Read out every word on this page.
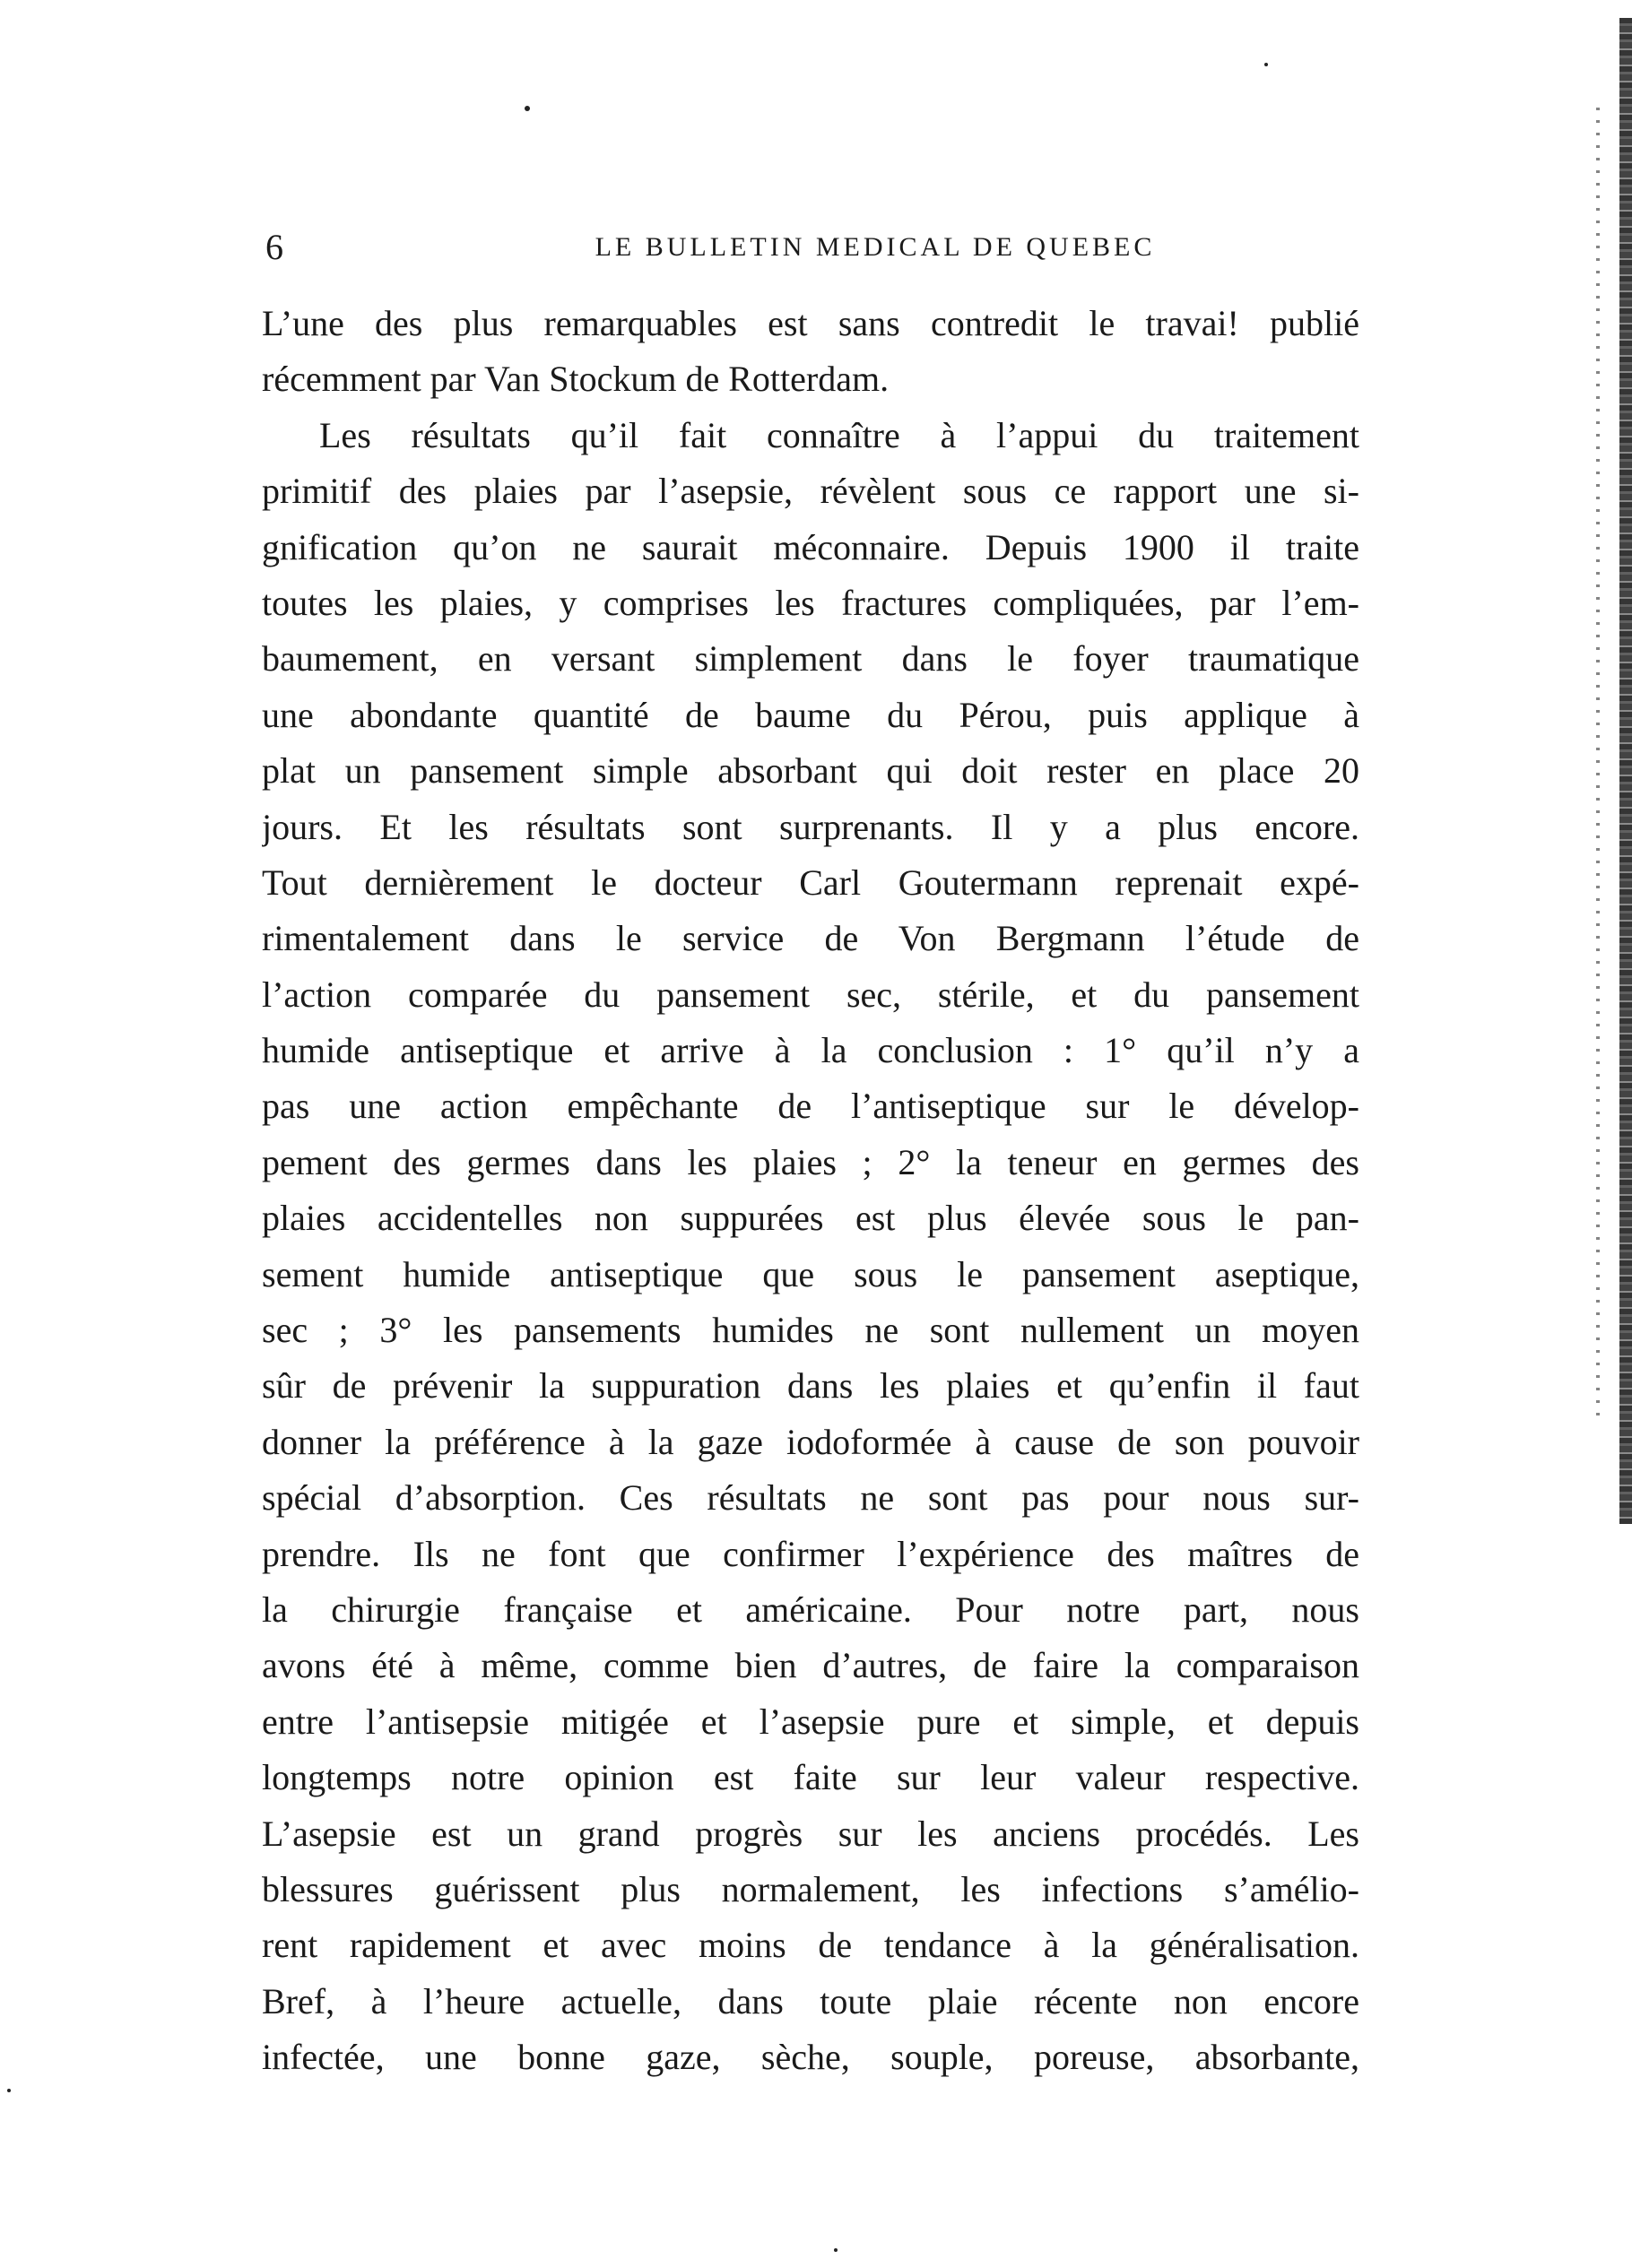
6	LE BULLETIN MEDICAL DE QUEBEC
L’une des plus remarquables est sans contredit le travai! publié
récemment par Van Stockum de Rotterdam.
Les résultats qu’il fait connaître à l’appui du traitement
primitif des plaies par l’asepsie, révèlent sous ce rapport une si-
gnification qu’on ne saurait méconnaire. Depuis 1900 il traite
toutes les plaies, y comprises les fractures compliquées, par l’em-
baumement, en versant simplement dans le foyer traumatique
une abondante quantité de baume du Pérou, puis applique à
plat un pansement simple absorbant qui doit rester en place 20
jours. Et les résultats sont surprenants. Il y a plus encore.
Tout dernièrement le docteur Carl Goutermann reprenait expé-
rimentalement dans le service de Von Bergmann l’étude de
l’action comparée du pansement sec, stérile, et du pansement
humide antiseptique et arrive à la conclusion : 1° qu’il n’y a
pas une action empêchante de l’antiseptique sur le dévelop-
pement des germes dans les plaies ; 2° la teneur en germes des
plaies accidentelles non suppurées est plus élevée sous le pan-
sement humide antiseptique que sous le pansement aseptique,
sec ; 3° les pansements humides ne sont nullement un moyen
sûr de prévenir la suppuration dans les plaies et qu’enfin il faut
donner la préférence à la gaze iodoformée à cause de son pouvoir
spécial d’absorption. Ces résultats ne sont pas pour nous sur-
prendre. Ils ne font que confirmer l’expérience des maîtres de
la chirurgie française et américaine. Pour notre part, nous
avons été à même, comme bien d’autres, de faire la comparaison
entre l’antisepsie mitigée et l’asepsie pure et simple, et depuis
longtemps notre opinion est faite sur leur valeur respective.
L’asepsie est un grand progrès sur les anciens procédés. Les
blessures guérissent plus normalement, les infections s’amélio-
rent rapidement et avec moins de tendance à la généralisation.
Bref, à l’heure actuelle, dans toute plaie récente non encore
infectée, une bonne gaze, sèche, souple, poreuse, absorbante,
